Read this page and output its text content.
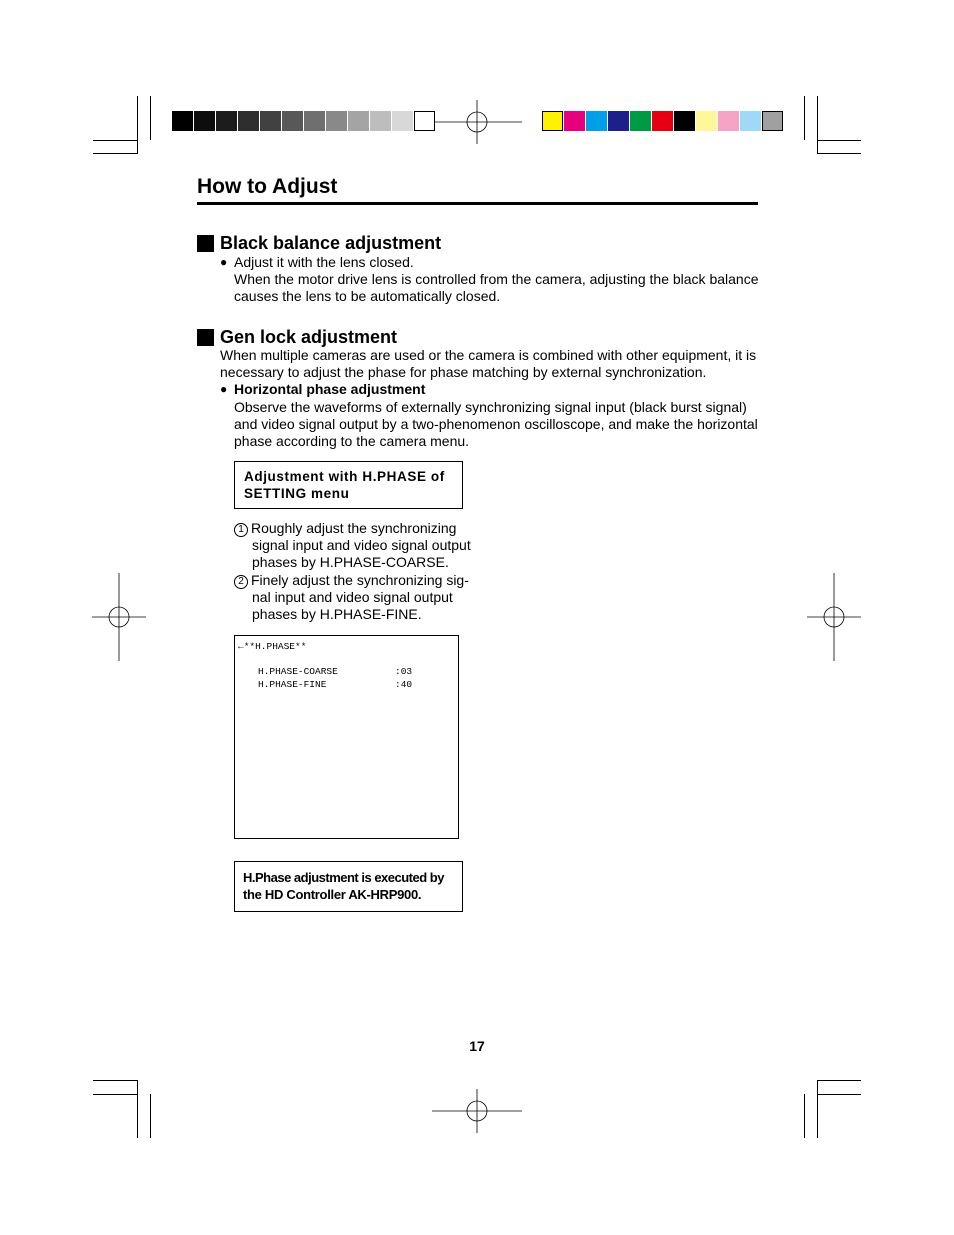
How to Adjust
Black balance adjustment
● Adjust it with the lens closed.
When the motor drive lens is controlled from the camera, adjusting the black balance
causes the lens to be automatically closed.
Gen lock adjustment
When multiple cameras are used or the camera is combined with other equipment, it is
necessary to adjust the phase for phase matching by external synchronization.
● Horizontal phase adjustment
Observe the waveforms of externally synchronizing signal input (black burst signal)
and video signal output by a two-phenomenon oscilloscope, and make the horizontal
phase according to the camera menu.
Adjustment with H.PHASE of
SETTING menu
1 Roughly adjust the synchronizing
signal input and video signal output
phases by H.PHASE-COARSE.
2 Finely adjust the synchronizing sig-
nal input and video signal output
phases by H.PHASE-FINE.
←**H.PHASE**
H.PHASE-COARSE	:03
H.PHASE-FINE	:40
H.Phase adjustment is executed by
the HD Controller AK-HRP900.
17
